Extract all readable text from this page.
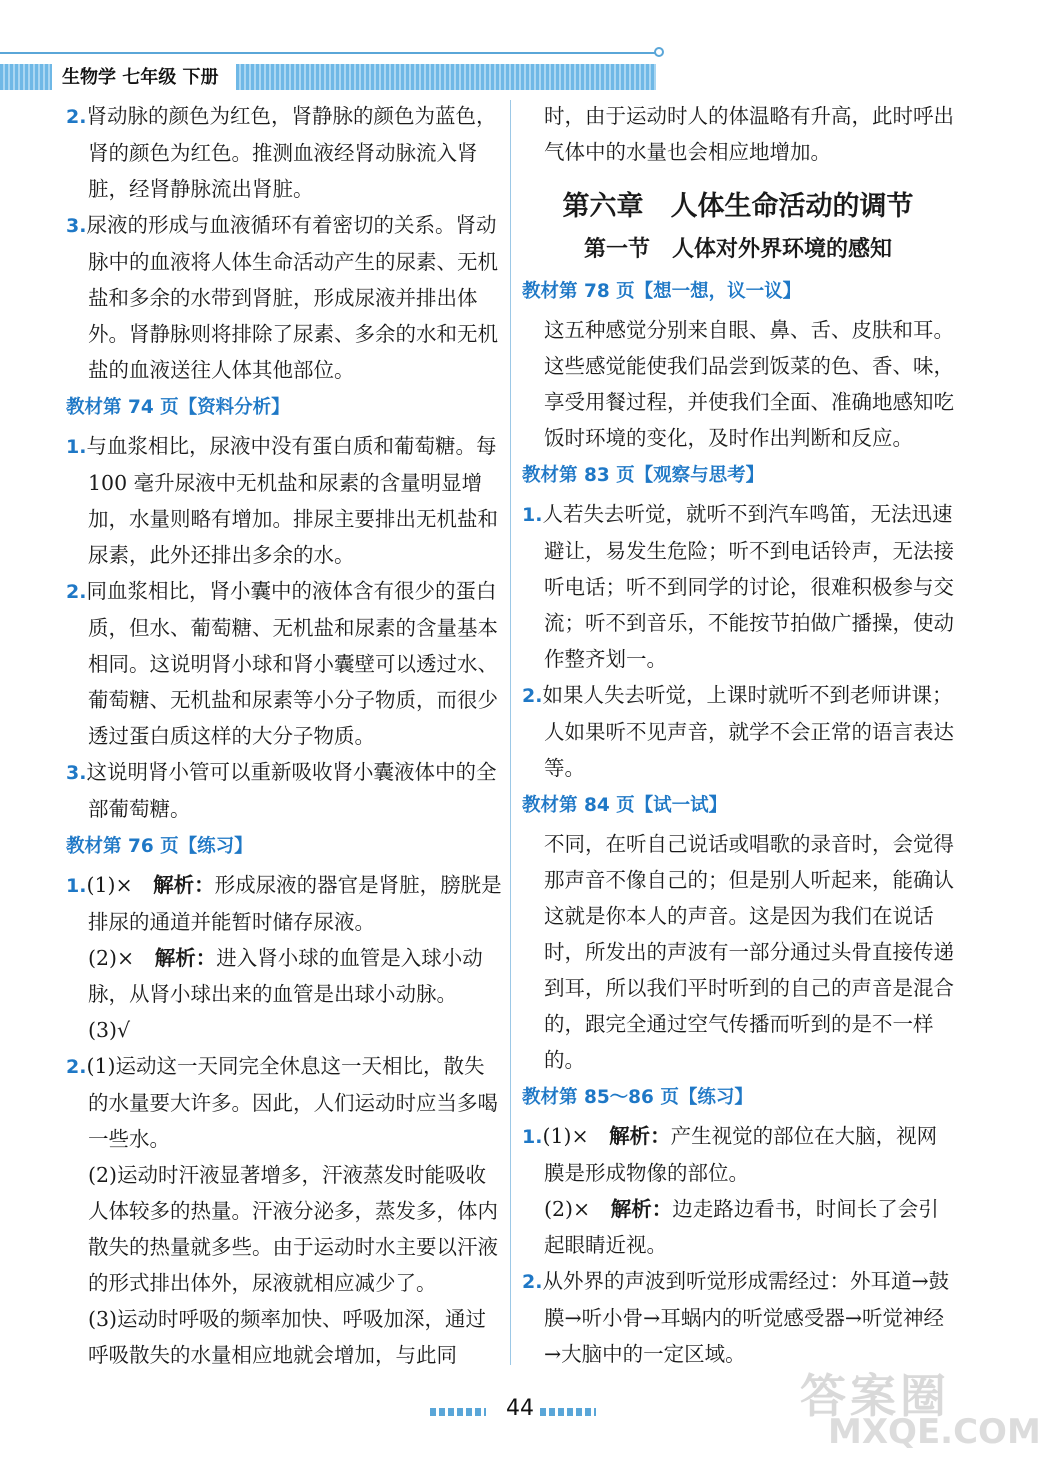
生物学 七年级 下册

2.肾动脉的颜色为红色，肾静脉的颜色为蓝色，肾的颜色为红色。推测血液经肾动脉流入肾脏，经肾静脉流出肾脏。

3.尿液的形成与血液循环有着密切的关系。肾动脉中的血液将人体生命活动产生的尿素、无机盐和多余的水带到肾脏，形成尿液并排出体外。肾静脉则将排除了尿素、多余的水和无机盐的血液送往人体其他部位。

教材第 74 页【资料分析】

1.与血浆相比，尿液中没有蛋白质和葡萄糖。每 100 毫升尿液中无机盐和尿素的含量明显增加，水量则略有增加。排尿主要排出无机盐和尿素，此外还排出多余的水。

2.同血浆相比，肾小囊中的液体含有很少的蛋白质，但水、葡萄糖、无机盐和尿素的含量基本相同。这说明肾小球和肾小囊壁可以透过水、葡萄糖、无机盐和尿素等小分子物质，而很少透过蛋白质这样的大分子物质。

3.这说明肾小管可以重新吸收肾小囊液体中的全部葡萄糖。

教材第 76 页【练习】

1.(1)×　 解析：形成尿液的器官是肾脏，膀胱是排尿的通道并能暂时储存尿液。

(2)×　 解析：进入肾小球的血管是入球小动脉，从肾小球出来的血管是出球小动脉。

(3)√

2.(1)运动这一天同完全休息这一天相比，散失的水量要大许多。因此，人们运动时应当多喝一些水。

(2)运动时汗液显著增多，汗液蒸发时能吸收人体较多的热量。汗液分泌多，蒸发多，体内散失的热量就多些。由于运动时水主要以汗液的形式排出体外，尿液就相应减少了。

(3)运动时呼吸的频率加快、呼吸加深，通过呼吸散失的水量相应地就会增加，与此同

时，由于运动时人的体温略有升高，此时呼出气体中的水量也会相应地增加。

第六章　人体生命活动的调节

第一节　人体对外界环境的感知

教材第 78 页【想一想，议一议】

这五种感觉分别来自眼、鼻、舌、皮肤和耳。这些感觉能使我们品尝到饭菜的色、香、味，享受用餐过程，并使我们全面、准确地感知吃饭时环境的变化，及时作出判断和反应。

教材第 83 页【观察与思考】

1.人若失去听觉，就听不到汽车鸣笛，无法迅速避让，易发生危险；听不到电话铃声，无法接听电话；听不到同学的讨论，很难积极参与交流；听不到音乐，不能按节拍做广播操，使动作整齐划一。

2.如果人失去听觉，上课时就听不到老师讲课；人如果听不见声音，就学不会正常的语言表达等。

教材第 84 页【试一试】

不同，在听自己说话或唱歌的录音时，会觉得那声音不像自己的；但是别人听起来，能确认这就是你本人的声音。这是因为我们在说话时，所发出的声波有一部分通过头骨直接传递到耳，所以我们平时听到的自己的声音是混合的，跟完全通过空气传播而听到的是不一样的。

教材第 85～86 页【练习】

1.(1)×　 解析：产生视觉的部位在大脑，视网膜是形成物像的部位。

(2)×　 解析：边走路边看书，时间长了会引起眼睛近视。

2.从外界的声波到听觉形成需经过：外耳道→鼓膜→听小骨→耳蜗内的听觉感受器→听觉神经→大脑中的一定区域。

44	答案圈
MXQE.COM
